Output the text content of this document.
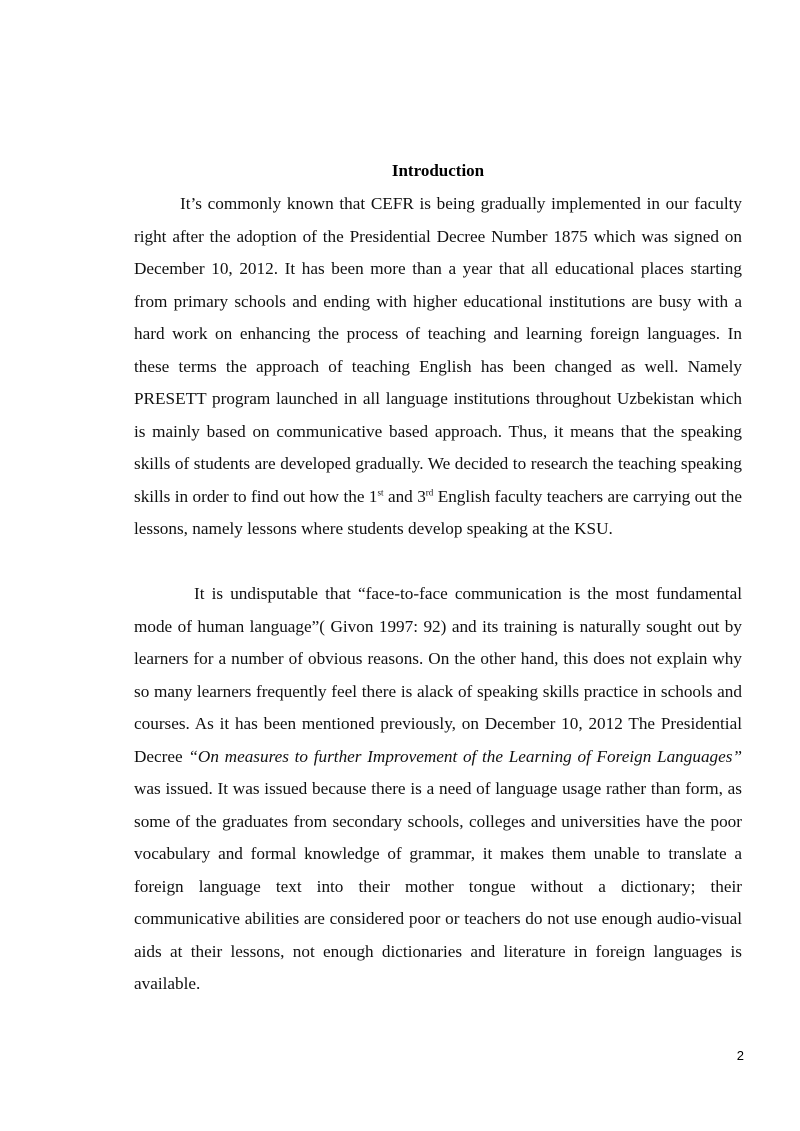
Introduction
It’s commonly known that CEFR is being gradually implemented in our faculty right after the adoption of the Presidential Decree Number 1875 which was signed on December 10, 2012. It has been more than a year that all educational places starting from primary schools and ending with higher educational institutions are busy with a hard work on enhancing the process of teaching and learning foreign languages. In these terms the approach of teaching English has been changed as well. Namely PRESETT program launched in all language institutions throughout Uzbekistan which is mainly based on communicative based approach. Thus, it means that the speaking skills of students are developed gradually. We decided to research the teaching speaking skills in order to find out how the 1st and 3rd English faculty teachers are carrying out the lessons, namely lessons where students develop speaking at the KSU.
It is undisputable that “face-to-face communication is the most fundamental mode of human language”( Givon 1997: 92) and its training is naturally sought out by learners for a number of obvious reasons. On the other hand, this does not explain why so many learners frequently feel there is alack of speaking skills practice in schools and courses. As it has been mentioned previously, on December 10, 2012 The Presidential Decree “On measures to further Improvement of the Learning of Foreign Languages” was issued. It was issued because there is a need of language usage rather than form, as some of the graduates from secondary schools, colleges and universities have the poor vocabulary and formal knowledge of grammar, it makes them unable to translate a foreign language text into their mother tongue without a dictionary; their communicative abilities are considered poor or teachers do not use enough audio-visual aids at their lessons, not enough dictionaries and literature in foreign languages is available.
2
